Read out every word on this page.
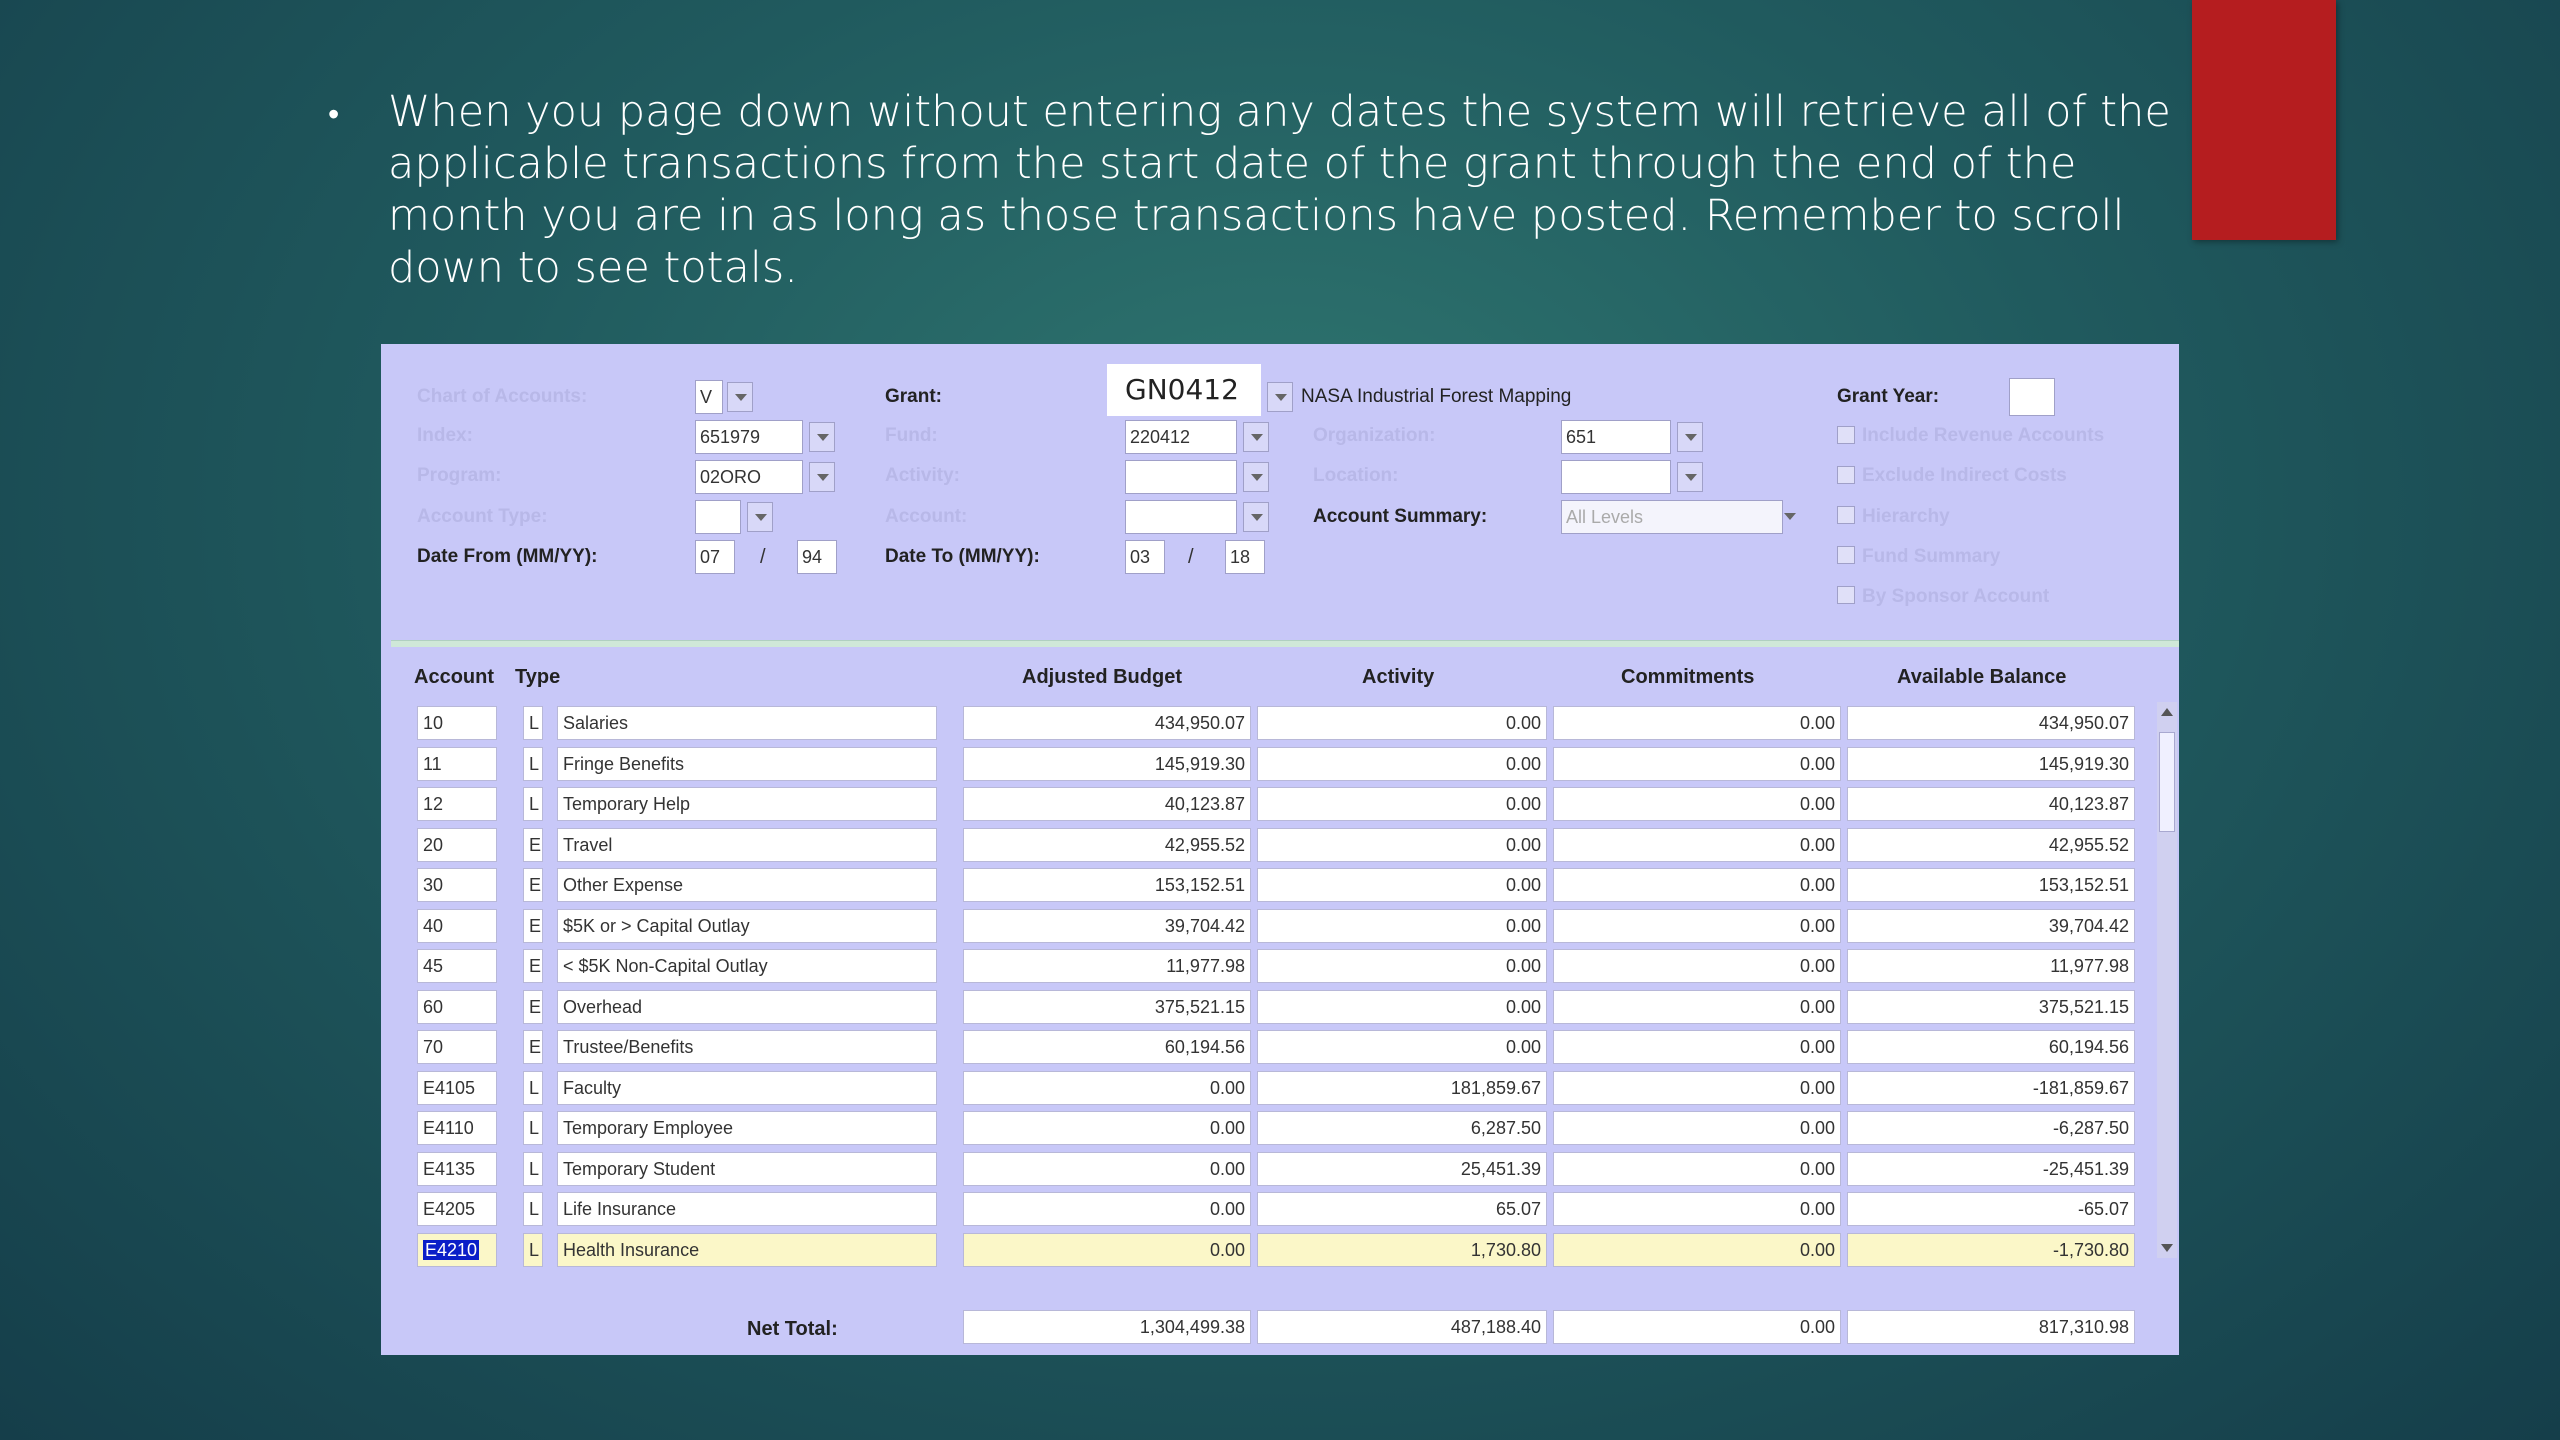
• When you page down without entering any dates the system will retrieve all of the applicable transactions from the start date of the grant through the end of the month you are in as long as those transactions have posted. Remember to scroll down to see totals.
Chart of Accounts:	V
Index:	651979
Program:	02ORO
Account Type:
Date From (MM/YY):	07	/ 94
Grant:	GN0412	NASA Industrial Forest Mapping
Fund:	220412
Activity:
Account:
Date To (MM/YY):	03	/ 18
Organization:	651
Location:
Account Summary:	All Levels
Grant Year:
Include Revenue Accounts
Exclude Indirect Costs
Hierarchy
Fund Summary
By Sponsor Account
Account Type	Adjusted Budget	Activity	Commitments	Available Balance
10	L	Salaries	434,950.07	0.00	0.00	434,950.07
11	L	Fringe Benefits	145,919.30	0.00	0.00	145,919.30
12	L	Temporary Help	40,123.87	0.00	0.00	40,123.87
20	E	Travel	42,955.52	0.00	0.00	42,955.52
30	E	Other Expense	153,152.51	0.00	0.00	153,152.51
40	E	$5K or > Capital Outlay	39,704.42	0.00	0.00	39,704.42
45	E	< $5K Non-Capital Outlay	11,977.98	0.00	0.00	11,977.98
60	E	Overhead	375,521.15	0.00	0.00	375,521.15
70	E	Trustee/Benefits	60,194.56	0.00	0.00	60,194.56
E4105	L	Faculty	0.00	181,859.67	0.00	-181,859.67
E4110	L	Temporary Employee	0.00	6,287.50	0.00	-6,287.50
E4135	L	Temporary Student	0.00	25,451.39	0.00	-25,451.39
E4205	L	Life Insurance	0.00	65.07	0.00	-65.07
E4210	L	Health Insurance	0.00	1,730.80	0.00	-1,730.80
Net Total:	1,304,499.38	487,188.40	0.00	817,310.98
